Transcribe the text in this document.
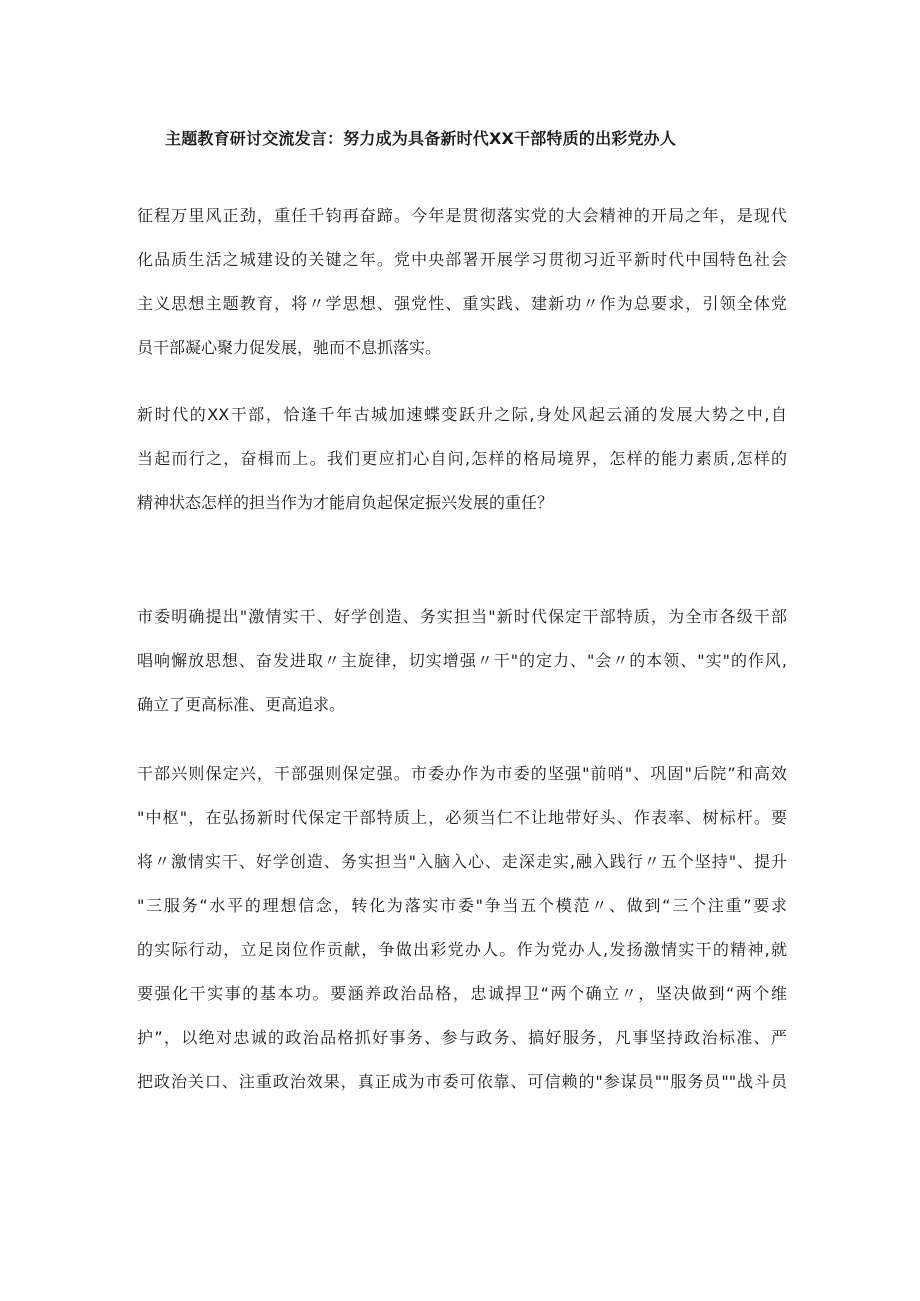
主题教育研讨交流发言：努力成为具备新时代XX干部特质的出彩党办人
征程万里风正劲，重任千钧再奋蹄。今年是贯彻落实党的大会精神的开局之年，是现代
化品质生活之城建设的关键之年。党中央部署开展学习贯彻习近平新时代中国特色社会
主义思想主题教育，将〃学思想、强党性、重实践、建新功〃作为总要求，引领全体党
员干部凝心聚力促发展，驰而不息抓落实。
新时代的XX干部，恰逢千年古城加速蝶变跃升之际,身处风起云涌的发展大势之中,自
当起而行之，奋楫而上。我们更应扪心自问,怎样的格局境界，怎样的能力素质,怎样的
精神状态怎样的担当作为才能肩负起保定振兴发展的重任？
市委明确提出"激情实干、好学创造、务实担当"新时代保定干部特质，为全市各级干部
唱响懈放思想、奋发进取〃主旋律，切实增强〃干"的定力、"会〃的本领、"实"的作风,
确立了更高标准、更高追求。
干部兴则保定兴，干部强则保定强。市委办作为市委的坚强"前哨"、巩固"后院”和高效
"中枢"，在弘扬新时代保定干部特质上，必须当仁不让地带好头、作表率、树标杆。要
将〃激情实干、好学创造、务实担当"入脑入心、走深走实,融入践行〃五个坚持"、提升
"三服务“水平的理想信念，转化为落实市委"争当五个模范〃、做到“三个注重”要求
的实际行动，立足岗位作贡献，争做出彩党办人。作为党办人,发扬激情实干的精神,就
要强化干实事的基本功。要涵养政治品格，忠诚捍卫“两个确立〃，坚决做到“两个维
护”，以绝对忠诚的政治品格抓好事务、参与政务、搞好服务，凡事坚持政治标准、严
把政治关口、注重政治效果，真正成为市委可依靠、可信赖的"参谋员""服务员""战斗员
